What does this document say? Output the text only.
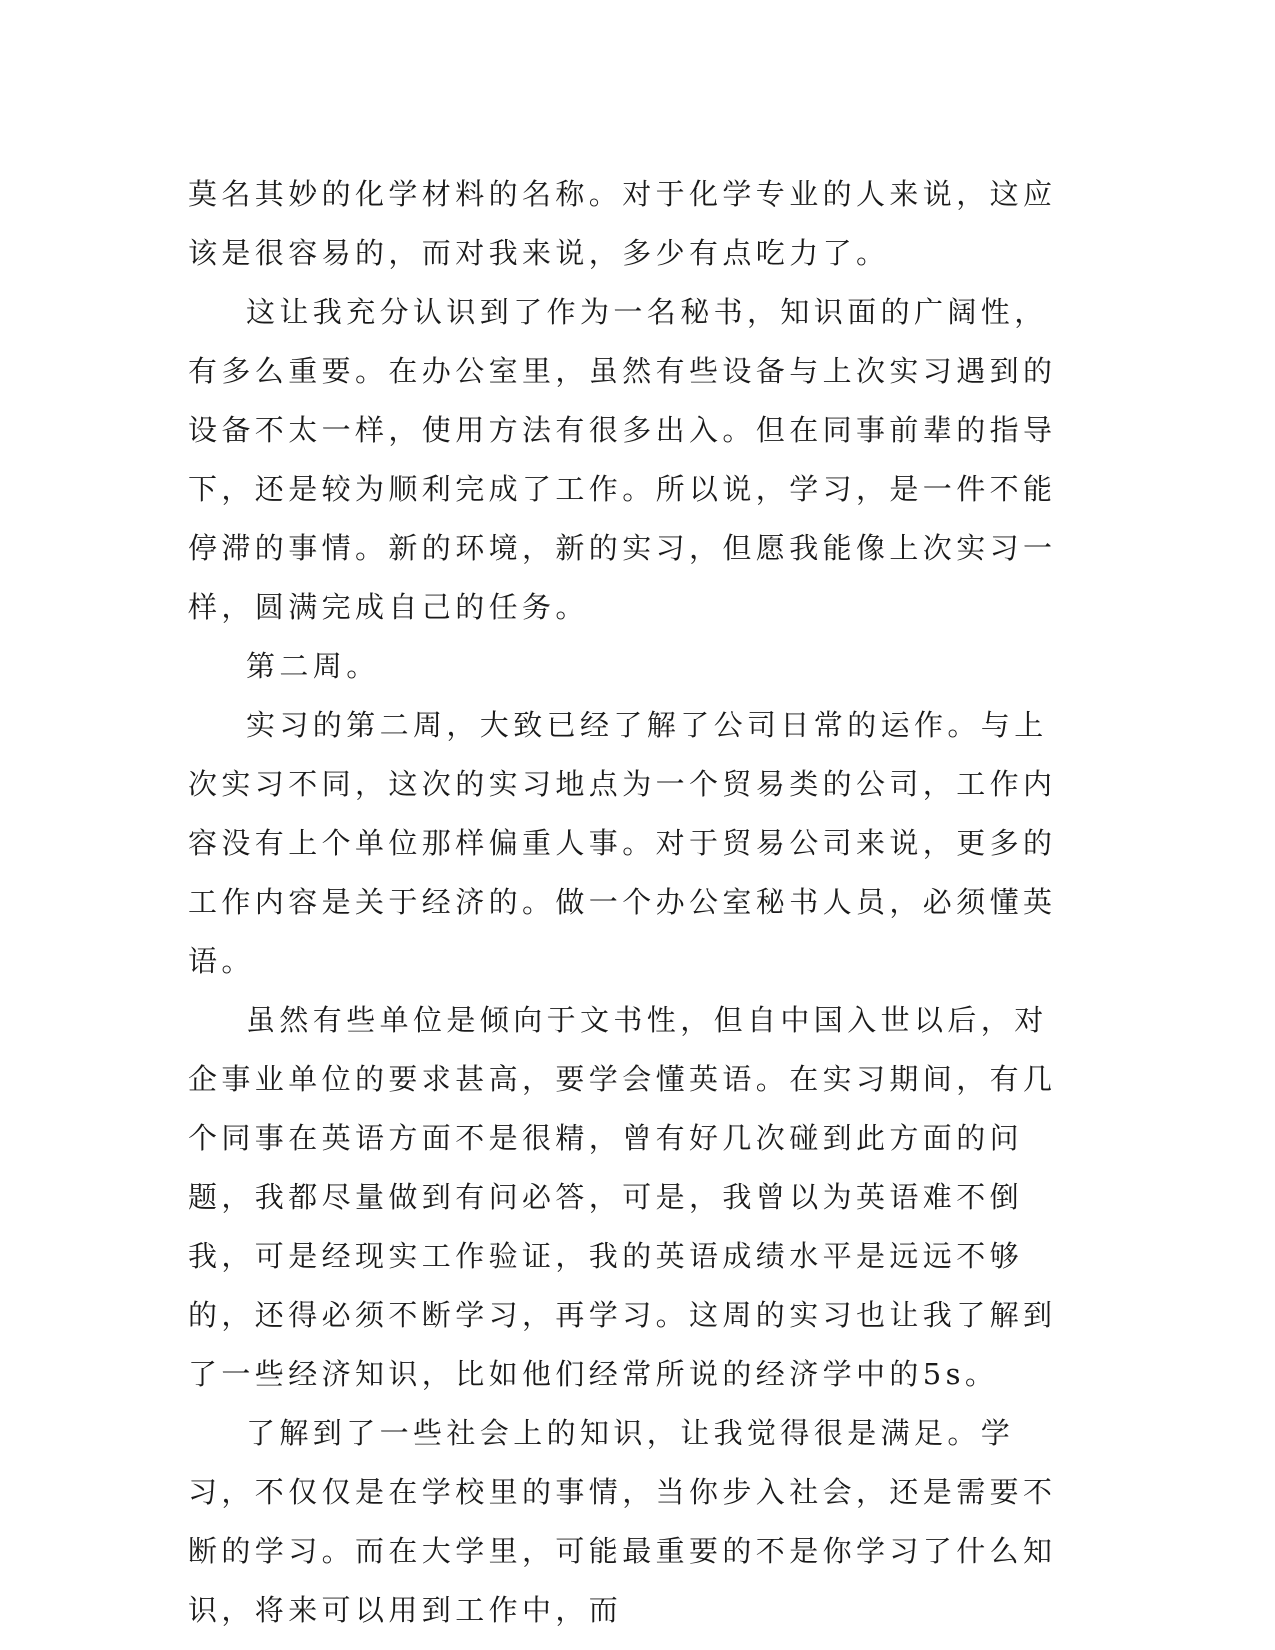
莫名其妙的化学材料的名称。对于化学专业的人来说，这应该是很容易的，而对我来说，多少有点吃力了。

这让我充分认识到了作为一名秘书，知识面的广阔性，有多么重要。在办公室里，虽然有些设备与上次实习遇到的设备不太一样，使用方法有很多出入。但在同事前辈的指导下，还是较为顺利完成了工作。所以说，学习，是一件不能停滞的事情。新的环境，新的实习，但愿我能像上次实习一样，圆满完成自己的任务。

第二周。

实习的第二周，大致已经了解了公司日常的运作。与上次实习不同，这次的实习地点为一个贸易类的公司，工作内容没有上个单位那样偏重人事。对于贸易公司来说，更多的工作内容是关于经济的。做一个办公室秘书人员，必须懂英语。

虽然有些单位是倾向于文书性，但自中国入世以后，对企事业单位的要求甚高，要学会懂英语。在实习期间，有几个同事在英语方面不是很精，曾有好几次碰到此方面的问题，我都尽量做到有问必答，可是，我曾以为英语难不倒我，可是经现实工作验证，我的英语成绩水平是远远不够的，还得必须不断学习，再学习。这周的实习也让我了解到了一些经济知识，比如他们经常所说的经济学中的5s。

了解到了一些社会上的知识，让我觉得很是满足。学习，不仅仅是在学校里的事情，当你步入社会，还是需要不断的学习。而在大学里，可能最重要的不是你学习了什么知识，将来可以用到工作中，而
